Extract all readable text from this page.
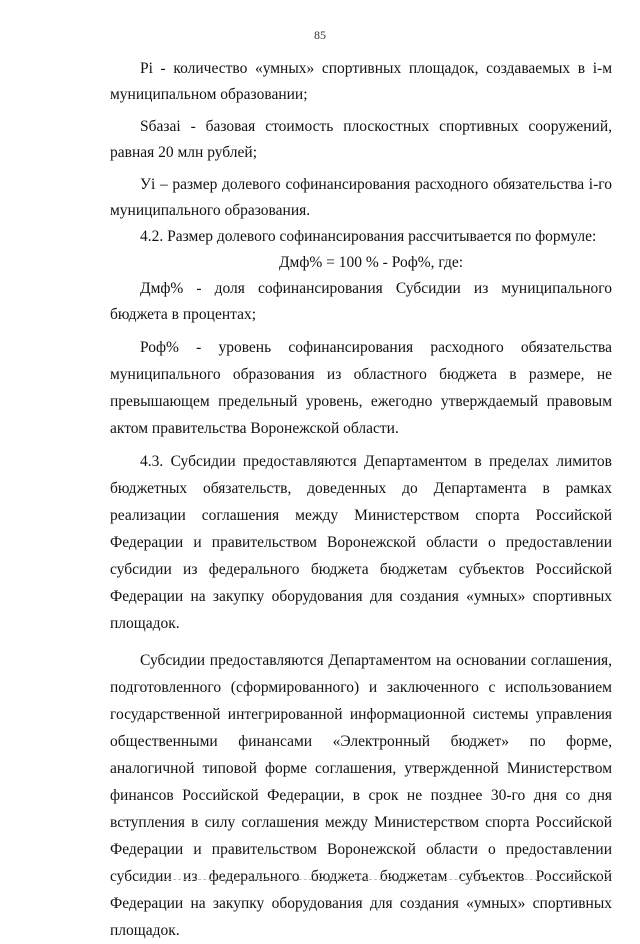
85

Pi - количество «умных» спортивных площадок, создаваемых в i-м муниципальном образовании;

Sбазаi - базовая стоимость плоскостных спортивных сооружений, равная 20 млн рублей;

Уi – размер долевого софинансирования расходного обязательства i-го муниципального образования.

4.2. Размер долевого софинансирования рассчитывается по формуле:

Дмф% = 100 % - Роф%, где:

Дмф% - доля софинансирования Субсидии из муниципального бюджета в процентах;

Роф% - уровень софинансирования расходного обязательства муниципального образования из областного бюджета в размере, не превышающем предельный уровень, ежегодно утверждаемый правовым актом правительства Воронежской области.

4.3. Субсидии предоставляются Департаментом в пределах лимитов бюджетных обязательств, доведенных до Департамента в рамках реализации соглашения между Министерством спорта Российской Федерации и правительством Воронежской области о предоставлении субсидии из федерального бюджета бюджетам субъектов Российской Федерации на закупку оборудования для создания «умных» спортивных площадок.

Субсидии предоставляются Департаментом на основании соглашения, подготовленного (сформированного) и заключенного с использованием государственной интегрированной информационной системы управления общественными финансами «Электронный бюджет» по форме, аналогичной типовой форме соглашения, утвержденной Министерством финансов Российской Федерации, в срок не позднее 30-го дня со дня вступления в силу соглашения между Министерством спорта Российской Федерации и правительством Воронежской области о предоставлении субсидии из федерального бюджета бюджетам субъектов Российской Федерации на закупку оборудования для создания «умных» спортивных площадок.
